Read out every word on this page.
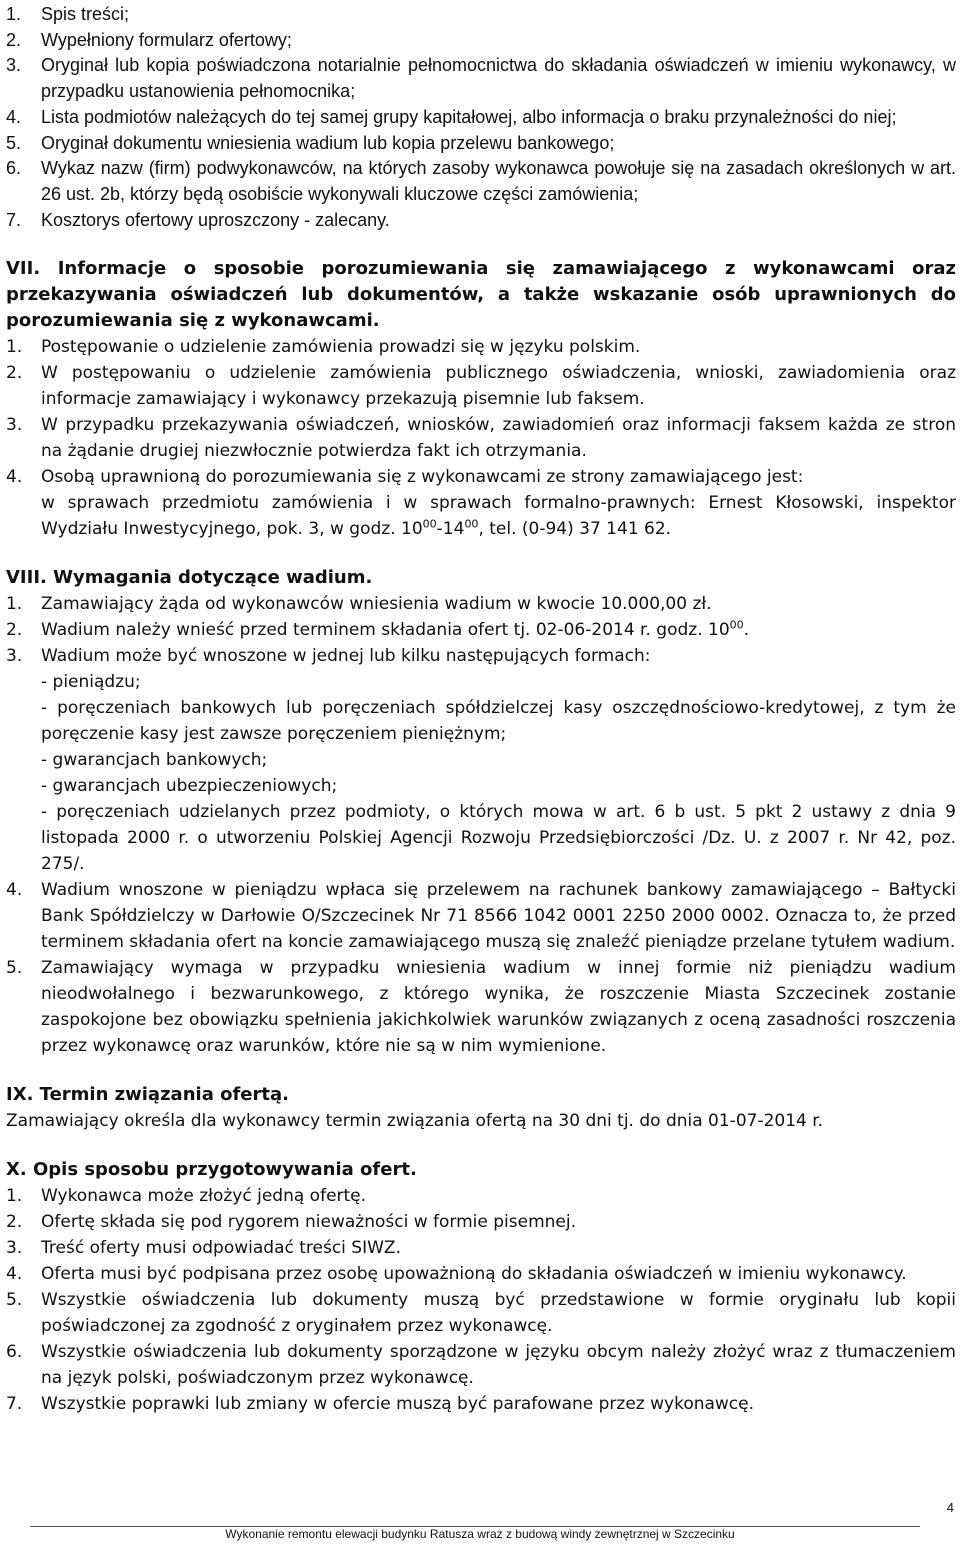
1.	Spis treści;
2.	Wypełniony formularz ofertowy;
3.	Oryginał lub kopia poświadczona notarialnie pełnomocnictwa do składania oświadczeń w imieniu wykonawcy, w przypadku ustanowienia pełnomocnika;
4.	Lista podmiotów należących do tej samej grupy kapitałowej, albo informacja o braku przynależności do niej;
5.	Oryginał dokumentu wniesienia wadium lub kopia przelewu bankowego;
6.	Wykaz nazw (firm) podwykonawców, na których zasoby wykonawca powołuje się na zasadach określonych w art. 26 ust. 2b, którzy będą osobiście wykonywali kluczowe części zamówienia;
7.	Kosztorys ofertowy uproszczony - zalecany.

VII. Informacje o sposobie porozumiewania się zamawiającego z wykonawcami oraz przekazywania oświadczeń lub dokumentów, a także wskazanie osób uprawnionych do porozumiewania się z wykonawcami.

1.	Postępowanie o udzielenie zamówienia prowadzi się w języku polskim.
2.	W postępowaniu o udzielenie zamówienia publicznego oświadczenia, wnioski, zawiadomienia oraz informacje zamawiający i wykonawcy przekazują pisemnie lub faksem.
3.	W przypadku przekazywania oświadczeń, wniosków, zawiadomień oraz informacji faksem każda ze stron na żądanie drugiej niezwłocznie potwierdza fakt ich otrzymania.
4.	Osobą uprawnioną do porozumiewania się z wykonawcami ze strony zamawiającego jest:
w sprawach przedmiotu zamówienia i w sprawach formalno-prawnych: Ernest Kłosowski, inspektor Wydziału Inwestycyjnego, pok. 3, w godz. $10^{00}-14^{00}$, tel. (0-94) 37 141 62.

VIII. Wymagania dotyczące wadium.

1.	Zamawiający żąda od wykonawców wniesienia wadium w kwocie 10.000,00 zł.
2.	Wadium należy wnieść przed terminem składania ofert tj. 02-06-2014 r. godz. $10^{00}$.
3.	Wadium może być wnoszone w jednej lub kilku następujących formach:
- pieniądzu;
- poręczeniach bankowych lub poręczeniach spółdzielczej kasy oszczędnościowo-kredytowej, z tym że poręczenie kasy jest zawsze poręczeniem pieniężnym;
- gwarancjach bankowych;
- gwarancjach ubezpieczeniowych;
- poręczeniach udzielanych przez podmioty, o których mowa w art. 6 b ust. 5 pkt 2 ustawy z dnia 9 listopada 2000 r. o utworzeniu Polskiej Agencji Rozwoju Przedsiębiorczości /Dz. U. z 2007 r. Nr 42, poz. 275/.
4.	Wadium wnoszone w pieniądzu wpłaca się przelewem na rachunek bankowy zamawiającego – Bałtycki Bank Spółdzielczy w Darłowie O/Szczecinek Nr 71 8566 1042 0001 2250 2000 0002. Oznacza to, że przed terminem składania ofert na koncie zamawiającego muszą się znaleźć pieniądze przelane tytułem wadium.
5.	Zamawiający wymaga w przypadku wniesienia wadium w innej formie niż pieniądzu wadium nieodwołalnego i bezwarunkowego, z którego wynika, że roszczenie Miasta Szczecinek zostanie zaspokojone bez obowiązku spełnienia jakichkolwiek warunków związanych z oceną zasadności roszczenia przez wykonawcę oraz warunków, które nie są w nim wymienione.

IX. Termin związania ofertą.

Zamawiający określa dla wykonawcy termin związania ofertą na 30 dni tj. do dnia 01-07-2014 r.

X. Opis sposobu przygotowywania ofert.

1.	Wykonawca może złożyć jedną ofertę.
2.	Ofertę składa się pod rygorem nieważności w formie pisemnej.
3.	Treść oferty musi odpowiadać treści SIWZ.
4.	Oferta musi być podpisana przez osobę upoważnioną do składania oświadczeń w imieniu wykonawcy.
5.	Wszystkie oświadczenia lub dokumenty muszą być przedstawione w formie oryginału lub kopii poświadczonej za zgodność z oryginałem przez wykonawcę.
6.	Wszystkie oświadczenia lub dokumenty sporządzone w języku obcym należy złożyć wraz z tłumaczeniem na język polski, poświadczonym przez wykonawcę.
7.	Wszystkie poprawki lub zmiany w ofercie muszą być parafowane przez wykonawcę.
4
Wykonanie remontu elewacji budynku Ratusza wraz z budową windy zewnętrznej w Szczecinku
